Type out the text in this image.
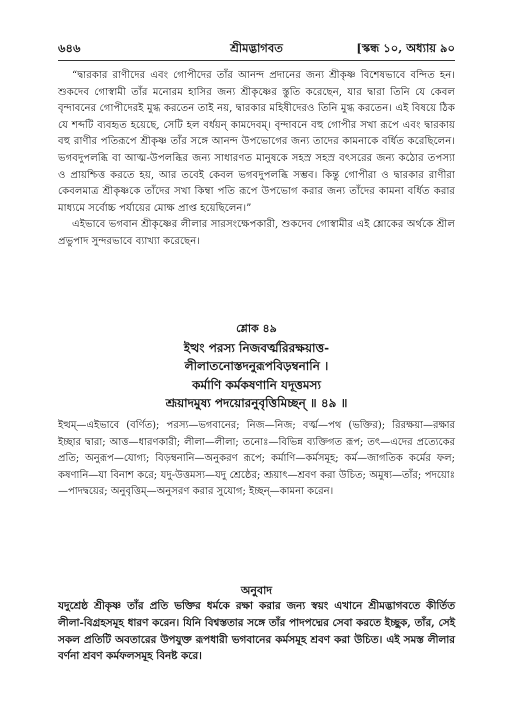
৬৪৬	শ্রীমদ্ভাগবত	[স্কন্ধ ১০, অধ্যায় ৯০

“দ্বারকার রাণীদের এবং গোপীদের তাঁর আনন্দ প্রদানের জন্য শ্রীকৃষ্ণ বিশেষভাবে বন্দিত হন। শুকদেব গোস্বামী তাঁর মনোরম হাসির জন্য শ্রীকৃষ্ণের স্তুতি করেছেন, যার দ্বারা তিনি যে কেবল বৃন্দাবনের গোপীদেরই মুগ্ধ করতেন তাই নয়, দ্বারকার মহিষীদেরও তিনি মুগ্ধ করতেন। এই বিষয়ে ঠিক যে শব্দটি ব্যবহৃত হয়েছে, সেটি হল বর্ধয়ন্ কামদেবম্। বৃন্দাবনে বহু গোপীর সখা রূপে এবং দ্বারকায় বহু রাণীর পতিরূপে শ্রীকৃষ্ণ তাঁর সঙ্গে আনন্দ উপভোগের জন্য তাদের কামনাকে বর্ধিত করেছিলেন। ভগবদুপলব্ধি বা আত্ম-উপলব্ধির জন্য সাধারণত মানুষকে সহস্র সহস্র বৎসরের জন্য কঠোর তপস্যা ও প্রায়শ্চিত্ত করতে হয়, আর তবেই কেবল ভগবদুপলব্ধি সম্ভব। কিন্তু গোপীরা ও দ্বারকার রাণীরা কেবলমাত্র শ্রীকৃষ্ণকে তাঁদের সখা কিম্বা পতি রূপে উপভোগ করার জন্য তাঁদের কামনা বর্ধিত করার মাধ্যমে সর্বোচ্চ পর্যায়ের মোক্ষ প্রাপ্ত হয়েছিলেন।”

এইভাবে ভগবান শ্রীকৃষ্ণের লীলার সারসংক্ষেপকারী, শুকদেব গোস্বামীর এই শ্লোকের অর্থকে শ্রীল প্রভুপাদ সুন্দরভাবে ব্যাখ্যা করেছেন।

শ্লোক ৪৯
ইত্থং পরস্য নিজবর্ত্মরিরক্ষয়াত্ত-
লীলাতনোস্তদনুরূপবিড়ম্বনানি ।
কর্মাণি কর্মকষণানি যদূত্তমস্য
শ্রূয়াদমুষ্য পদয়োরনুবৃত্তিমিচ্ছন্ ॥ ৪৯ ॥
ইত্থম্—এইভাবে (বর্ণিত); পরস্য—ভগবানের; নিজ—নিজ; বর্ত্ম—পথ (ভক্তির); রিরক্ষয়া—রক্ষার ইচ্ছার দ্বারা; আত্ত—ধারণকারী; লীলা—লীলা; তনোঃ—বিভিন্ন ব্যক্তিগত রূপ; তৎ—এদের প্রত্যেকের প্রতি; অনুরূপ—যোগ্য; বিড়ম্বনানি—অনুকরণ রূপে; কর্মাণি—কর্মসমূহ; কর্ম—জাগতিক কর্মের ফল; কষণানি—যা বিনাশ করে; যদু-উত্তমস্য—যদু শ্রেষ্ঠের; শ্রূয়াৎ—শ্রবণ করা উচিত; অমুষ্য—তাঁর; পদয়োঃ—পাদদ্বয়ের; অনুবৃত্তিম্—অনুসরণ করার সুযোগ; ইচ্ছন্—কামনা করেন।
অনুবাদ
যদুশ্রেষ্ঠ শ্রীকৃষ্ণ তাঁর প্রতি ভক্তির ধর্মকে রক্ষা করার জন্য স্বয়ং এখানে শ্রীমদ্ভাগবতে কীর্তিত লীলা-বিগ্রহসমূহ ধারণ করেন। যিনি বিশ্বস্ততার সঙ্গে তাঁর পাদপদ্মের সেবা করতে ইচ্ছুক, তাঁর, সেই সকল প্রতিটি অবতারের উপযুক্ত রূপধারী ভগবানের কর্মসমূহ শ্রবণ করা উচিত। এই সমস্ত লীলার বর্ণনা শ্রবণ কর্মফলসমূহ বিনষ্ট করে।
